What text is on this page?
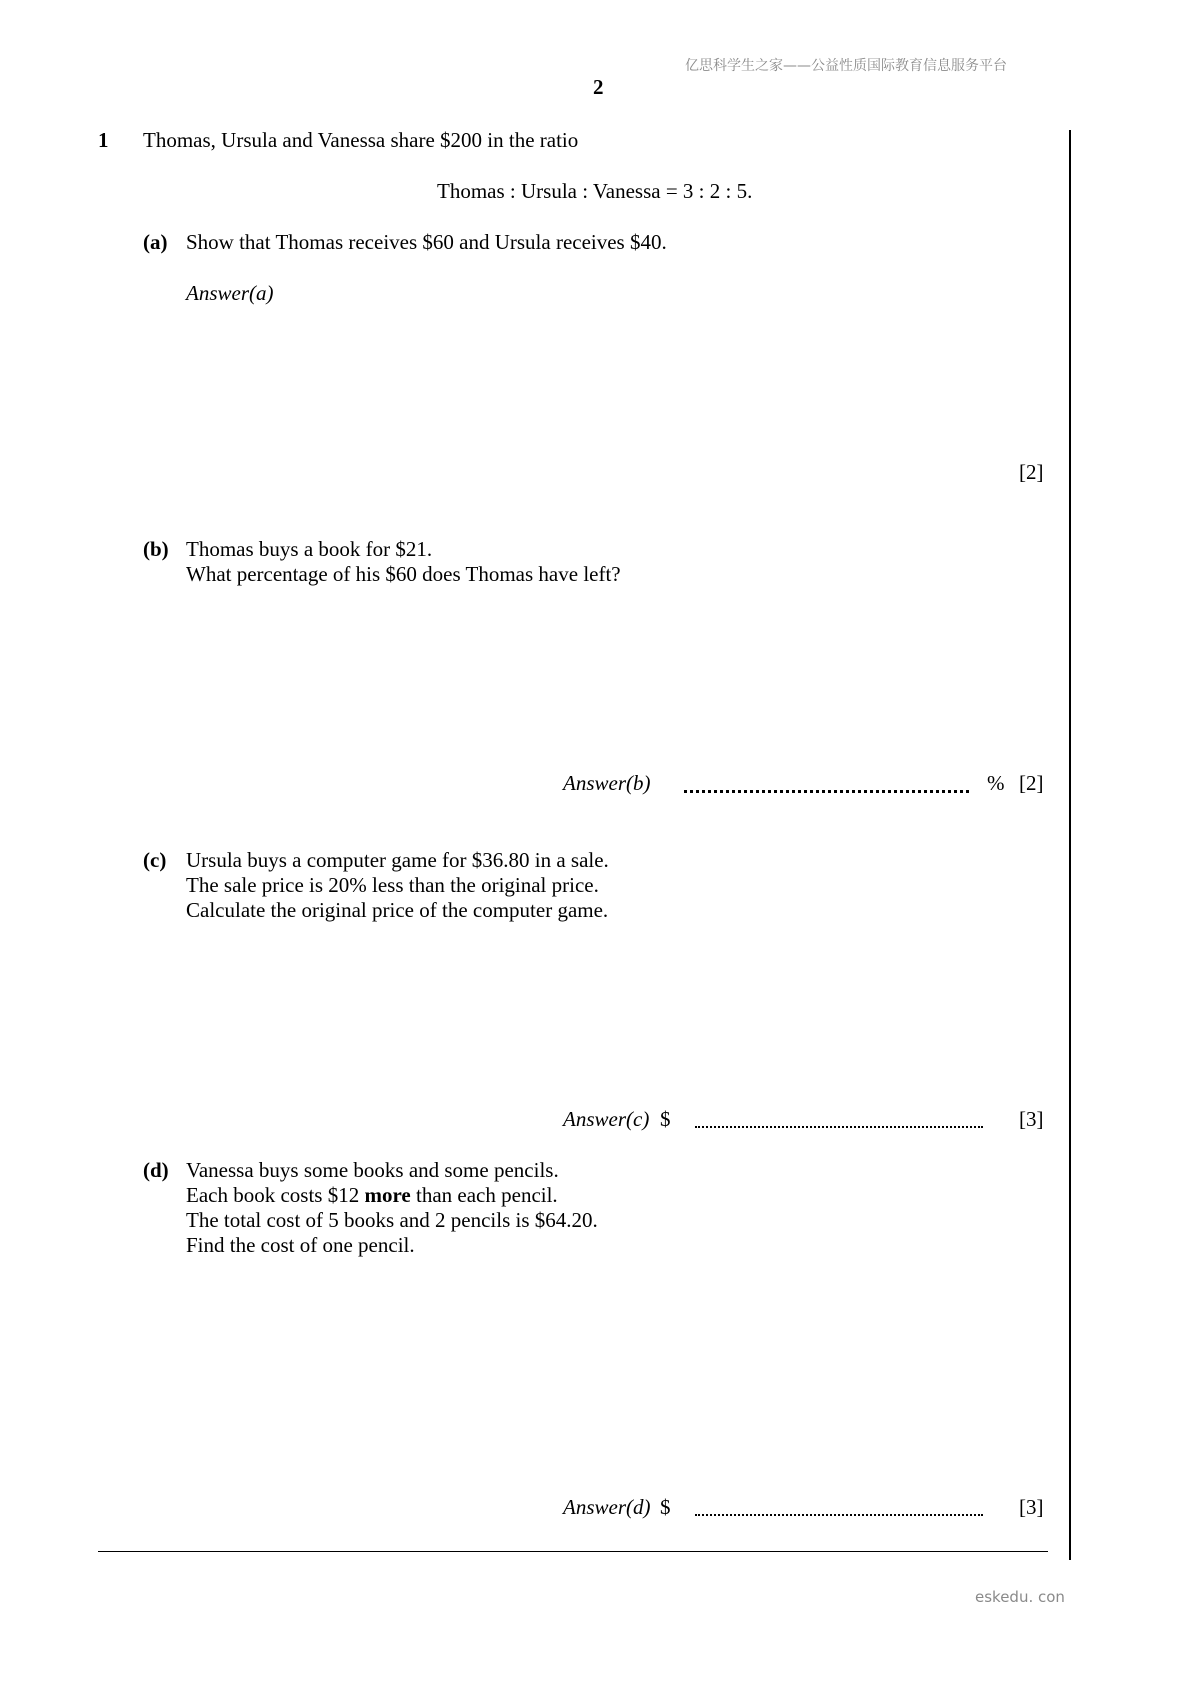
亿思科学生之家——公益性质国际教育信息服务平台
2
1 Thomas, Ursula and Vanessa share $200 in the ratio
Thomas : Ursula : Vanessa = 3 : 2 : 5.
(a) Show that Thomas receives $60 and Ursula receives $40.
Answer(a)
[2]
(b) Thomas buys a book for $21.
What percentage of his $60 does Thomas have left?
Answer(b)	% [2]
(c) Ursula buys a computer game for $36.80 in a sale.
The sale price is 20% less than the original price.
Calculate the original price of the computer game.
Answer(c) $	[3]
(d) Vanessa buys some books and some pencils.
Each book costs $12 more than each pencil.
The total cost of 5 books and 2 pencils is $64.20.
Find the cost of one pencil.
Answer(d) $	[3]
eskedu. con
